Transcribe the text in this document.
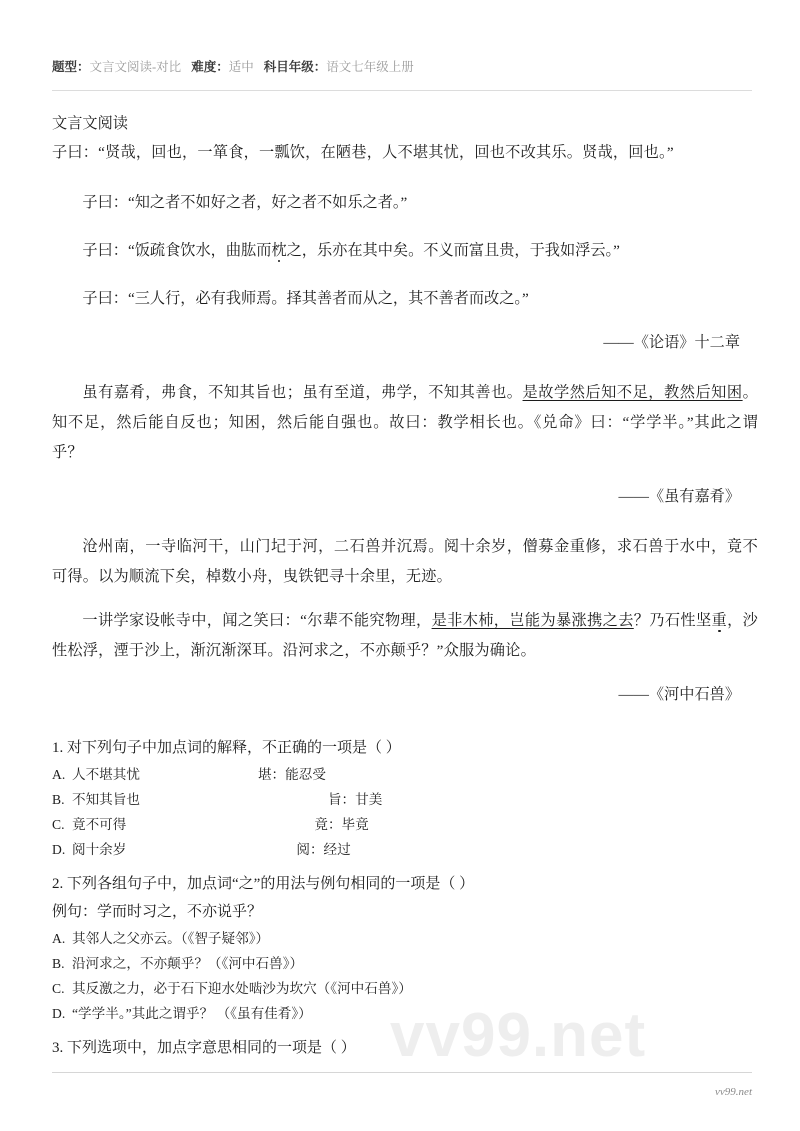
vv99.net
题型：文言文阅读-对比 难度：适中 科目年级：语文七年级上册
文言文阅读
子曰：“贤哉，回也，一箪食，一瓢饮，在陋巷，人不堪其忧，回也不改其乐。贤哉，回也。”
子曰：“知之者不如好之者，好之者不如乐之者。”
子曰：“饭疏食饮水，曲肱而枕之，乐亦在其中矣。不义而富且贵，于我如浮云。”
子曰：“三人行，必有我师焉。择其善者而从之，其不善者而改之。”
——《论语》十二章
虽有嘉肴，弗食，不知其旨也；虽有至道，弗学，不知其善也。是故学然后知不足，教然后知困。知不足，然后能自反也；知困，然后能自强也。故曰：教学相长也。《兑命》曰：“学学半。”其此之谓乎？
——《虽有嘉肴》
沧州南，一寺临河干，山门圮于河，二石兽并沉焉。阅十余岁，僧募金重修，求石兽于水中，竟不可得。以为顺流下矣，棹数小舟，曳铁钯寻十余里，无迹。
一讲学家设帐寺中，闻之笑曰：“尔辈不能究物理，是非木杮，岂能为暴涨携之去？乃石性坚重，沙性松浮，湮于沙上，渐沉渐深耳。沿河求之，不亦颠乎？”众服为确论。
——《河中石兽》
1. 对下列句子中加点词的解释，不正确的一项是（ ）
A. 人不堪其忧	堪：能忍受
B. 不知其旨也	旨：甘美
C. 竟不可得	竟：毕竟
D. 阅十余岁	阅：经过
2. 下列各组句子中，加点词“之”的用法与例句相同的一项是（ ）
例句：学而时习之，不亦说乎？
A. 其邻人之父亦云。（《智子疑邻》）
B. 沿河求之，不亦颠乎？（《河中石兽》）
C. 其反激之力，必于石下迎水处啮沙为坎穴（《河中石兽》）
D. “学学半。”其此之谓乎？ （《虽有佳肴》）
3. 下列选项中，加点字意思相同的一项是（ ）
vv99.net
